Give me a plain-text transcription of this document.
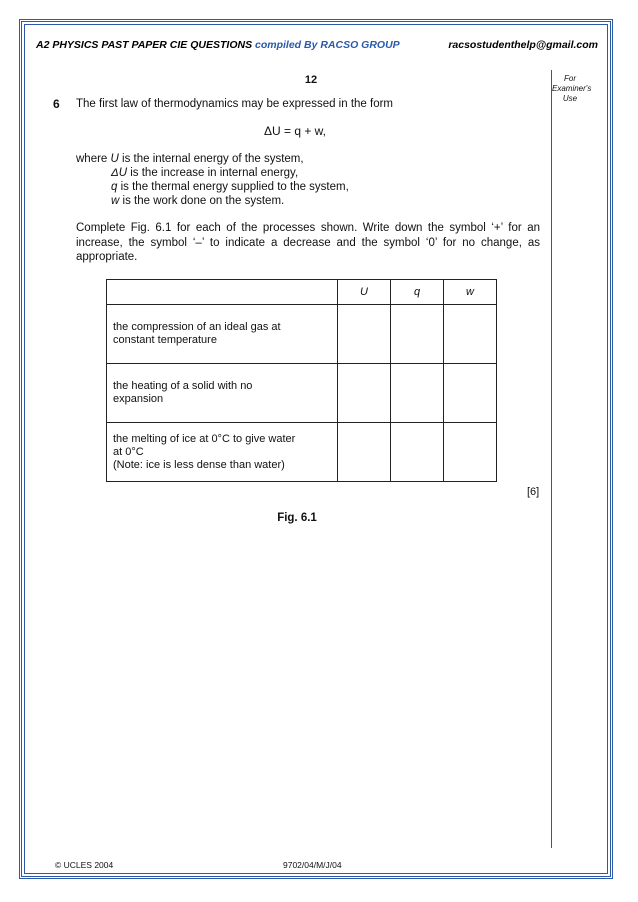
A2 PHYSICS PAST PAPER CIE QUESTIONS compiled By RACSO GROUP	racsostudenthelp@gmail.com
12	For
Examiner's
Use
6 The first law of thermodynamics may be expressed in the form
ΔU = q + w,
where U is the internal energy of the system,
ΔU is the increase in internal energy,
q is the thermal energy supplied to the system,
w is the work done on the system.
Complete Fig. 6.1 for each of the processes shown. Write down the symbol ‘+’ for an increase, the symbol ‘–’ to indicate a decrease and the symbol ‘0’ for no change, as appropriate.
	U	q	w

the compression of an ideal gas at
constant temperature			

the heating of a solid with no
expansion			

the melting of ice at 0°C to give water
at 0°C
(Note: ice is less dense than water)			

[6]
Fig. 6.1
© UCLES 2004	9702/04/M/J/04
